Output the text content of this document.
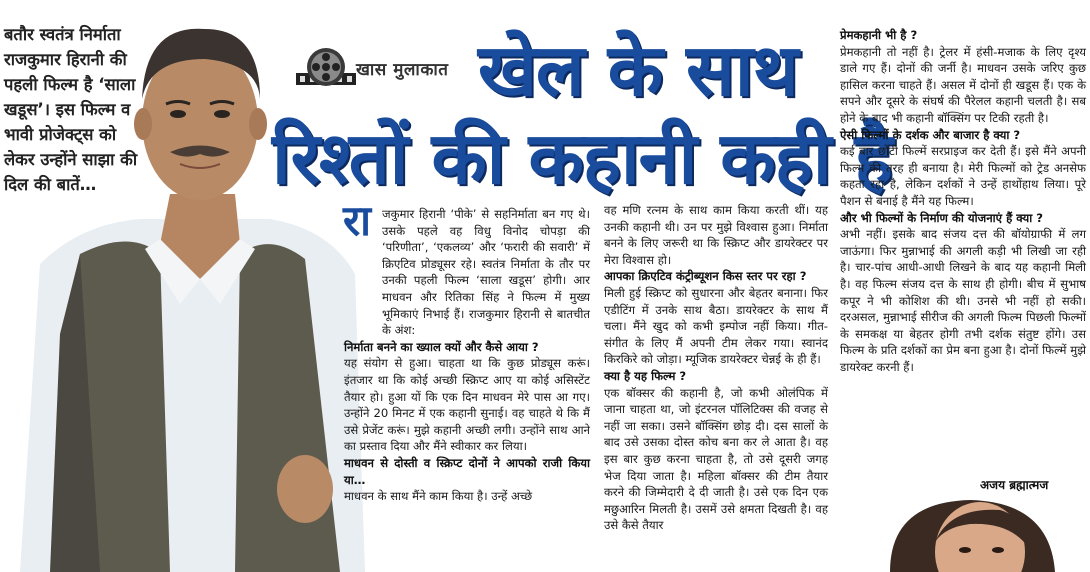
बतौर स्वतंत्र निर्माता राजकुमार हिरानी की पहली फिल्म है ‘साला खडूस’। इस फिल्म व भावी प्रोजेक्ट्स को लेकर उन्होंने साझा की दिल की बातें…
खास मुलाकात खेल के साथ
रिश्तों की कहानी कही है
रा जकुमार हिरानी ‘पीके’ से सहनिर्माता बन गए थे। उसके पहले वह विधु विनोद चोपड़ा की ‘परिणीता’, ‘एकलव्य’ और ‘फरारी की सवारी’ में क्रिएटिव प्रोड्यूसर रहे। स्वतंत्र निर्माता के तौर पर उनकी पहली फिल्म ‘साला खडूस’ होगी। आर माधवन और रितिका सिंह ने फिल्म में मुख्य भूमिकाएं निभाई हैं। राजकुमार हिरानी से बातचीत के अंश:

निर्माता बनने का ख्याल क्यों और कैसे आया ?

यह संयोग से हुआ। चाहता था कि कुछ प्रोड्यूस करूं। इंतजार था कि कोई अच्छी स्क्रिप्ट आए या कोई असिस्टेंट तैयार हो। हुआ यों कि एक दिन माधवन मेरे पास आ गए। उन्होंने 20 मिनट में एक कहानी सुनाई। वह चाहते थे कि मैं उसे प्रेजेंट करूं। मुझे कहानी अच्छी लगी। उन्होंने साथ आने का प्रस्ताव दिया और मैंने स्वीकार कर लिया।

माधवन से दोस्ती व स्क्रिप्ट दोनों ने आपको राजी किया या…

माधवन के साथ मैंने काम किया है। उन्हें अच्छे

वह मणि रत्नम के साथ काम किया करती थीं। यह उनकी कहानी थी। उन पर मुझे विश्वास हुआ। निर्माता बनने के लिए जरूरी था कि स्क्रिप्ट और डायरेक्टर पर मेरा विश्वास हो।

आपका क्रिएटिव कंट्रीब्यूशन किस स्तर पर रहा ?

मिली हुई स्क्रिप्ट को सुधारना और बेहतर बनाना। फिर एडीटिंग में उनके साथ बैठा। डायरेक्टर के साथ मैं चला। मैंने खुद को कभी इम्पोज नहीं किया। गीत-संगीत के लिए मैं अपनी टीम लेकर गया। स्वानंद किरकिरे को जोड़ा। म्यूजिक डायरेक्टर चेन्नई के ही हैं।

क्या है यह फिल्म ?

एक बॉक्सर की कहानी है, जो कभी ओलंपिक में जाना चाहता था, जो इंटरनल पॉलिटिक्स की वजह से नहीं जा सका। उसने बॉक्सिंग छोड़ दी। दस सालों के बाद उसे उसका दोस्त कोच बना कर ले आता है। वह इस बार कुछ करना चाहता है, तो उसे दूसरी जगह भेज दिया जाता है। महिला बॉक्सर की टीम तैयार करने की जिम्मेदारी दे दी जाती है। उसे एक दिन एक मछुआरिन मिलती है। उसमें उसे क्षमता दिखती है। वह उसे कैसे तैयार

प्रेमकहानी भी है ?

प्रेमकहानी तो नहीं है। ट्रेलर में हंसी-मजाक के लिए दृश्य डाले गए हैं। दोनों की जर्नी है। माधवन उसके जरिए कुछ हासिल करना चाहते हैं। असल में दोनों ही खडूस हैं। एक के सपने और दूसरे के संघर्ष की पैरेलल कहानी चलती है। सब होने के बाद भी कहानी बॉक्सिंग पर टिकी रहती है।

ऐसी फिल्मों के दर्शक और बाजार है क्या ?

कई बार छोटी फिल्में सरप्राइज कर देती हैं। इसे मैंने अपनी फिल्म की तरह ही बनाया है। मेरी फिल्मों को ट्रेड अनसेफ कहता रहा है, लेकिन दर्शकों ने उन्हें हाथोंहाथ लिया। पूरे पैशन से बनाई है मैंने यह फिल्म।

और भी फिल्मों के निर्माण की योजनाएं हैं क्या ?

अभी नहीं। इसके बाद संजय दत्त की बॉयोग्राफी में लग जाऊंगा। फिर मुन्नाभाई की अगली कड़ी भी लिखी जा रही है। चार-पांच आधी-आधी लिखने के बाद यह कहानी मिली है। वह फिल्म संजय दत्त के साथ ही होगी। बीच में सुभाष कपूर ने भी कोशिश की थी। उनसे भी नहीं हो सकी। दरअसल, मुन्नाभाई सीरीज की अगली फिल्म पिछली फिल्मों के समकक्ष या बेहतर होगी तभी दर्शक संतुष्ट होंगे। उस फिल्म के प्रति दर्शकों का प्रेम बना हुआ है। दोनों फिल्में मुझे डायरेक्ट करनी हैं।

अजय ब्रह्मात्मज
